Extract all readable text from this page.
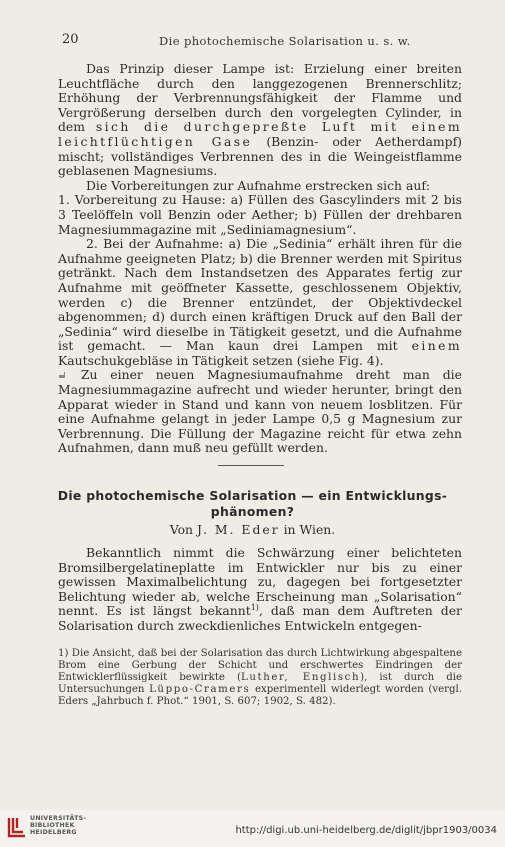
20	Die photochemische Solarisation u. s. w.

Das Prinzip dieser Lampe ist: Erzielung einer breiten Leuchtfläche durch den langgezogenen Brennerschlitz; Erhöhung der Verbrennungsfähigkeit der Flamme und Vergrößerung derselben durch den vorgelegten Cylinder, in dem sich die durchgepreßte Luft mit einem leichtflüchtigen Gase (Benzin- oder Aetherdampf) mischt; vollständiges Verbrennen des in die Weingeistflamme geblasenen Magnesiums.

Die Vorbereitungen zur Aufnahme erstrecken sich auf:

1. Vorbereitung zu Hause: a) Füllen des Gascylinders mit 2 bis 3 Teelöffeln voll Benzin oder Aether; b) Füllen der drehbaren Magnesiummagazine mit „Sediniamagnesium“.

2. Bei der Aufnahme: a) Die „Sedinia“ erhält ihren für die Aufnahme geeigneten Platz; b) die Brenner werden mit Spiritus getränkt. Nach dem Instandsetzen des Apparates fertig zur Aufnahme mit geöffneter Kassette, geschlossenem Objektiv, werden c) die Brenner entzündet, der Objektivdeckel abgenommen; d) durch einen kräftigen Druck auf den Ball der „Sedinia“ wird dieselbe in Tätigkeit gesetzt, und die Aufnahme ist gemacht. — Man kaun drei Lampen mit einem Kautschukgebläse in Tätigkeit setzen (siehe Fig. 4).

Zu einer neuen Magnesiumaufnahme dreht man die Magnesiummagazine aufrecht und wieder herunter, bringt den Apparat wieder in Stand und kann von neuem losblitzen. Für eine Aufnahme gelangt in jeder Lampe 0,5 g Magnesium zur Verbrennung. Die Füllung der Magazine reicht für etwa zehn Aufnahmen, dann muß neu gefüllt werden.

Die photochemische Solarisation — ein Entwicklungs-
phänomen?
Von J. M. Eder in Wien.

Bekanntlich nimmt die Schwärzung einer belichteten Bromsilbergelatineplatte im Entwickler nur bis zu einer gewissen Maximalbelichtung zu, dagegen bei fortgesetzter Belichtung wieder ab, welche Erscheinung man „Solarisation“ nennt. Es ist längst bekannt$^{1)}$, daß man dem Auftreten der Solarisation durch zweckdienliches Entwickeln entgegen-

1) Die Ansicht, daß bei der Solarisation das durch Lichtwirkung abgespaltene Brom eine Gerbung der Schicht und erschwertes Eindringen der Entwicklerflüssigkeit bewirkte (Luther, Englisch), ist durch die Untersuchungen Lüppo-Cramers experimentell widerlegt worden (vergl. Eders „Jahrbuch f. Phot.“ 1901, S. 607; 1902, S. 482).
UNIVERSITÄTS-
BIBLIOTHEK
HEIDELBERG	http://digi.ub.uni-heidelberg.de/diglit/jbpr1903/0034
